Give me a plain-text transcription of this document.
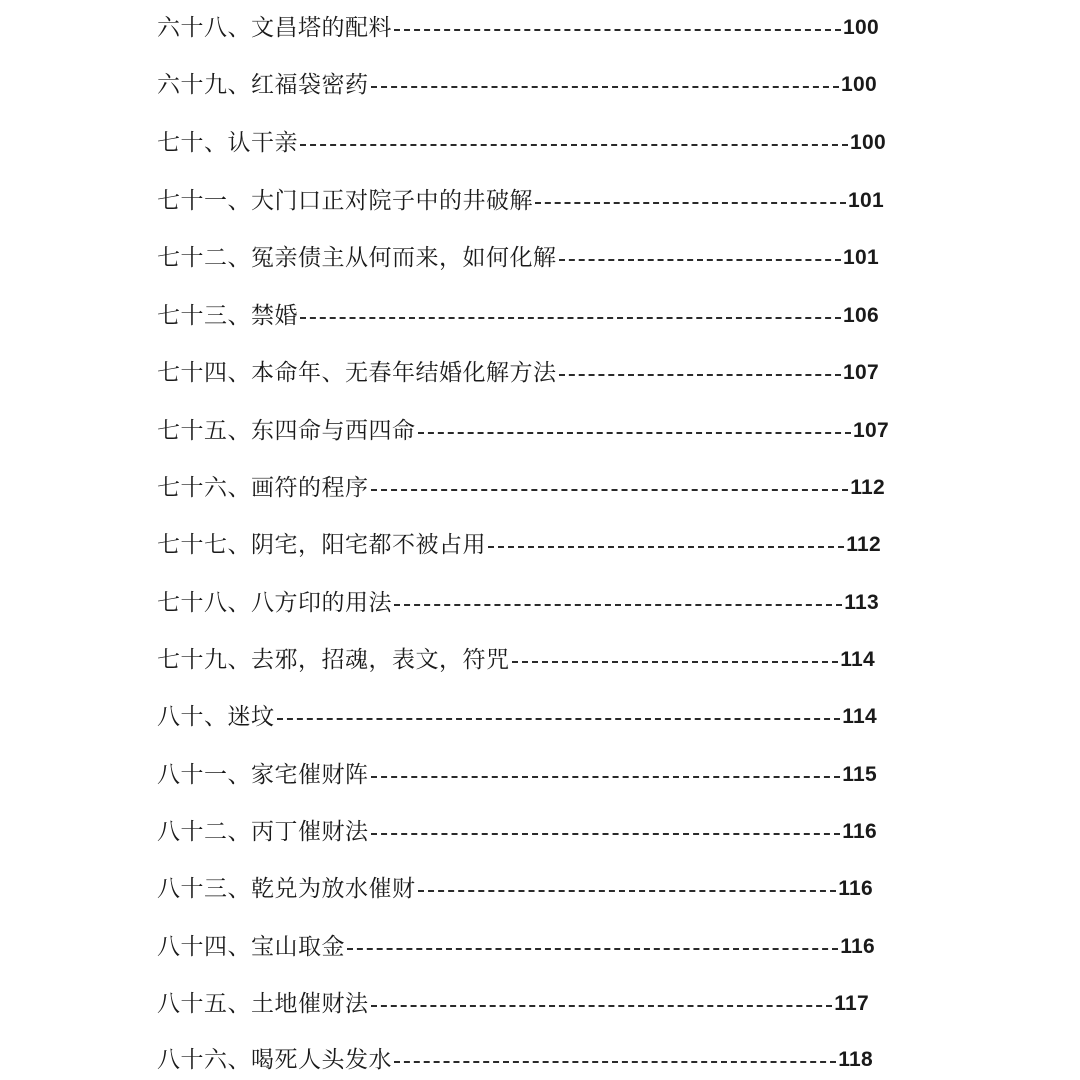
六十八、文昌塔的配料	100
六十九、红福袋密药	100
七十、认干亲	100
七十一、大门口正对院子中的井破解	101
七十二、冤亲债主从何而来，如何化解	101
七十三、禁婚	106
七十四、本命年、无春年结婚化解方法	107
七十五、东四命与西四命	107
七十六、画符的程序	112
七十七、阴宅，阳宅都不被占用	112
七十八、八方印的用法	113
七十九、去邪，招魂，表文，符咒	114
八十、迷坟	114
八十一、家宅催财阵	115
八十二、丙丁催财法	116
八十三、乾兑为放水催财	116
八十四、宝山取金	116
八十五、土地催财法	117
八十六、喝死人头发水	118
